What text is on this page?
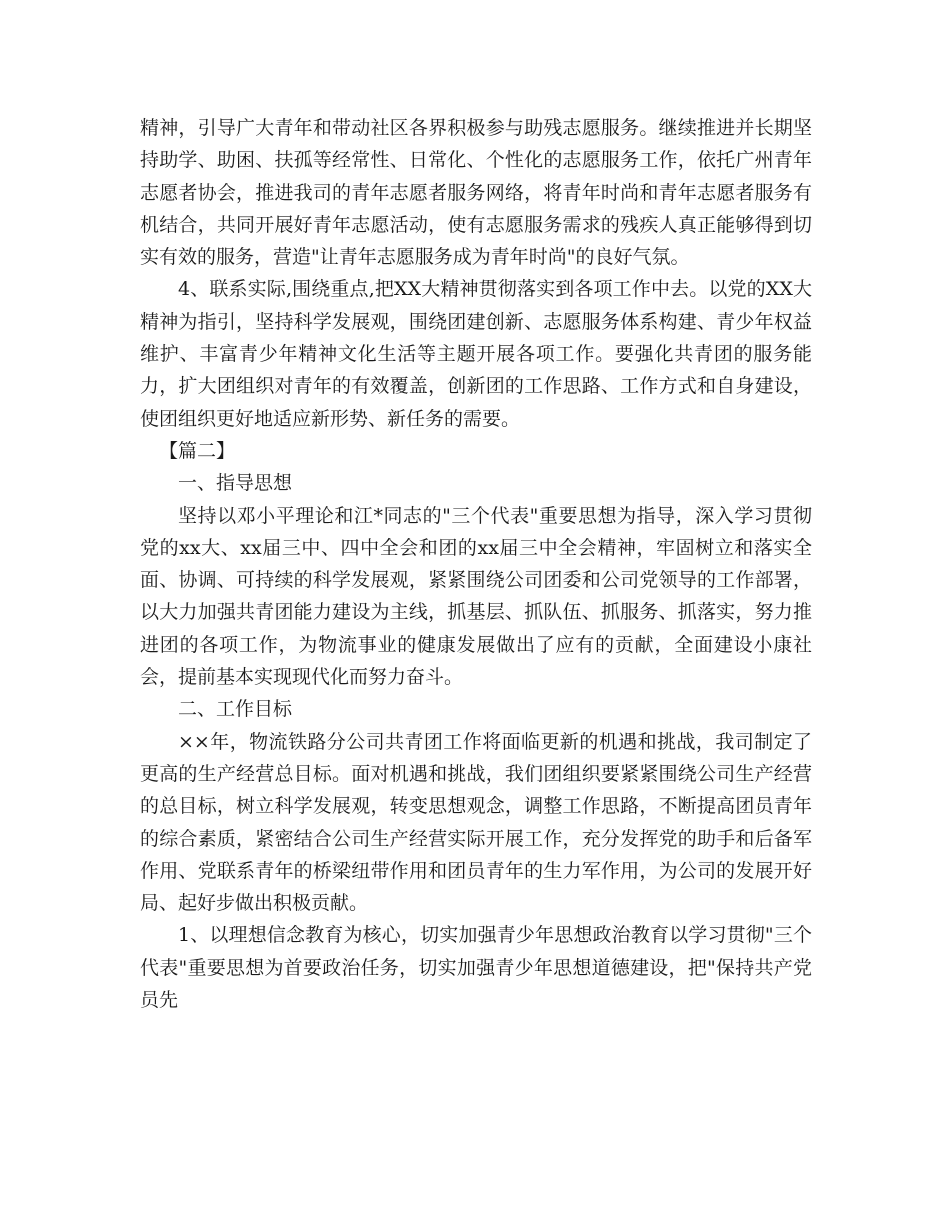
精神，引导广大青年和带动社区各界积极参与助残志愿服务。继续推进并长期坚持助学、助困、扶孤等经常性、日常化、个性化的志愿服务工作，依托广州青年志愿者协会，推进我司的青年志愿者服务网络，将青年时尚和青年志愿者服务有机结合，共同开展好青年志愿活动，使有志愿服务需求的残疾人真正能够得到切实有效的服务，营造"让青年志愿服务成为青年时尚"的良好气氛。

4、联系实际,围绕重点,把XX大精神贯彻落实到各项工作中去。以党的XX大精神为指引，坚持科学发展观，围绕团建创新、志愿服务体系构建、青少年权益维护、丰富青少年精神文化生活等主题开展各项工作。要强化共青团的服务能力，扩大团组织对青年的有效覆盖，创新团的工作思路、工作方式和自身建设，使团组织更好地适应新形势、新任务的需要。

【篇二】

一、指导思想

坚持以邓小平理论和江*同志的"三个代表"重要思想为指导，深入学习贯彻党的xx大、xx届三中、四中全会和团的xx届三中全会精神，牢固树立和落实全面、协调、可持续的科学发展观，紧紧围绕公司团委和公司党领导的工作部署，以大力加强共青团能力建设为主线，抓基层、抓队伍、抓服务、抓落实，努力推进团的各项工作，为物流事业的健康发展做出了应有的贡献，全面建设小康社会，提前基本实现现代化而努力奋斗。

二、工作目标

××年，物流铁路分公司共青团工作将面临更新的机遇和挑战，我司制定了更高的生产经营总目标。面对机遇和挑战，我们团组织要紧紧围绕公司生产经营的总目标，树立科学发展观，转变思想观念，调整工作思路，不断提高团员青年的综合素质，紧密结合公司生产经营实际开展工作，充分发挥党的助手和后备军作用、党联系青年的桥梁纽带作用和团员青年的生力军作用，为公司的发展开好局、起好步做出积极贡献。

1、以理想信念教育为核心，切实加强青少年思想政治教育以学习贯彻"三个代表"重要思想为首要政治任务，切实加强青少年思想道德建设，把"保持共产党员先
